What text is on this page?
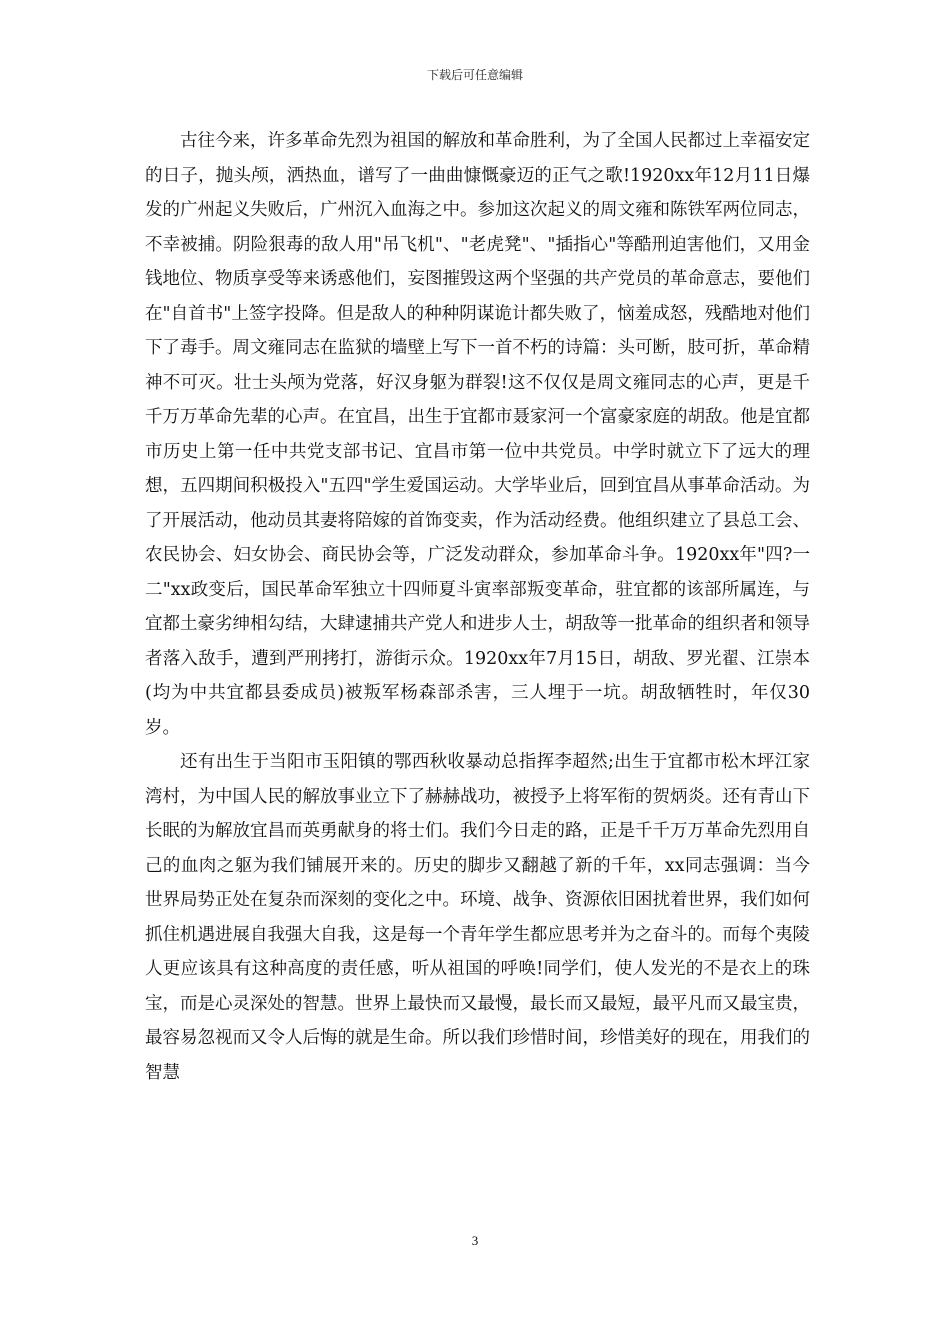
下载后可任意编辑

古往今来，许多革命先烈为祖国的解放和革命胜利，为了全国人民都过上幸福安定的日子，抛头颅，洒热血，谱写了一曲曲慷慨豪迈的正气之歌!1920xx年12月11日爆发的广州起义失败后，广州沉入血海之中。参加这次起义的周文雍和陈铁军两位同志，不幸被捕。阴险狠毒的敌人用"吊飞机"、"老虎凳"、"插指心"等酷刑迫害他们，又用金钱地位、物质享受等来诱惑他们，妄图摧毁这两个坚强的共产党员的革命意志，要他们在"自首书"上签字投降。但是敌人的种种阴谋诡计都失败了，恼羞成怒，残酷地对他们下了毒手。周文雍同志在监狱的墙壁上写下一首不朽的诗篇：头可断，肢可折，革命精神不可灭。壮士头颅为党落，好汉身躯为群裂!这不仅仅是周文雍同志的心声，更是千千万万革命先辈的心声。在宜昌，出生于宜都市聂家河一个富豪家庭的胡敌。他是宜都市历史上第一任中共党支部书记、宜昌市第一位中共党员。中学时就立下了远大的理想，五四期间积极投入"五四"学生爱国运动。大学毕业后，回到宜昌从事革命活动。为了开展活动，他动员其妻将陪嫁的首饰变卖，作为活动经费。他组织建立了县总工会、农民协会、妇女协会、商民协会等，广泛发动群众，参加革命斗争。1920xx年"四?一二"xx政变后，国民革命军独立十四师夏斗寅率部叛变革命，驻宜都的该部所属连，与宜都土豪劣绅相勾结，大肆逮捕共产党人和进步人士，胡敌等一批革命的组织者和领导者落入敌手，遭到严刑拷打，游街示众。1920xx年7月15日，胡敌、罗光翟、江崇本(均为中共宜都县委成员)被叛军杨森部杀害，三人埋于一坑。胡敌牺牲时，年仅30岁。

还有出生于当阳市玉阳镇的鄂西秋收暴动总指挥李超然;出生于宜都市松木坪江家湾村，为中国人民的解放事业立下了赫赫战功，被授予上将军衔的贺炳炎。还有青山下长眠的为解放宜昌而英勇献身的将士们。我们今日走的路，正是千千万万革命先烈用自己的血肉之躯为我们铺展开来的。历史的脚步又翻越了新的千年，xx同志强调：当今世界局势正处在复杂而深刻的变化之中。环境、战争、资源依旧困扰着世界，我们如何抓住机遇进展自我强大自我，这是每一个青年学生都应思考并为之奋斗的。而每个夷陵人更应该具有这种高度的责任感，听从祖国的呼唤!同学们，使人发光的不是衣上的珠宝，而是心灵深处的智慧。世界上最快而又最慢，最长而又最短，最平凡而又最宝贵，最容易忽视而又令人后悔的就是生命。所以我们珍惜时间，珍惜美好的现在，用我们的智慧

3
